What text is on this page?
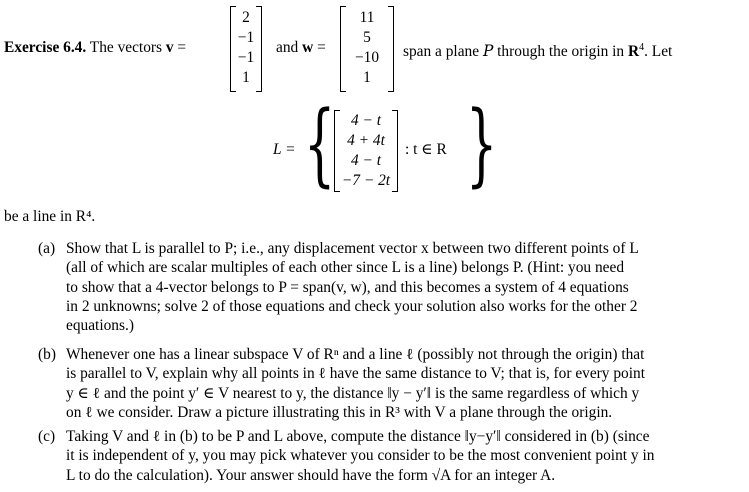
Exercise 6.4. The vectors v =
2
−1
−1
1
and w =
11
5
−10
1
span a plane P through the origin in $R^4$. Let
L = {	4 − t
4 + 4t
4 − t
−7 − 2t
: t ∈ R }
be a line in R⁴.
(a) Show that L is parallel to P; i.e., any displacement vector x between two different points of L
(all of which are scalar multiples of each other since L is a line) belongs P. (Hint: you need
to show that a 4-vector belongs to P = span(v, w), and this becomes a system of 4 equations
in 2 unknowns; solve 2 of those equations and check your solution also works for the other 2
equations.)
(b) Whenever one has a linear subspace V of Rⁿ and a line ℓ (possibly not through the origin) that
is parallel to V, explain why all points in ℓ have the same distance to V; that is, for every point
y ∈ ℓ and the point y′ ∈ V nearest to y, the distance ‖y − y′‖ is the same regardless of which y
on ℓ we consider. Draw a picture illustrating this in R³ with V a plane through the origin.
(c) Taking V and ℓ in (b) to be P and L above, compute the distance ‖y−y′‖ considered in (b) (since
it is independent of y, you may pick whatever you consider to be the most convenient point y in
L to do the calculation). Your answer should have the form √A for an integer A.
